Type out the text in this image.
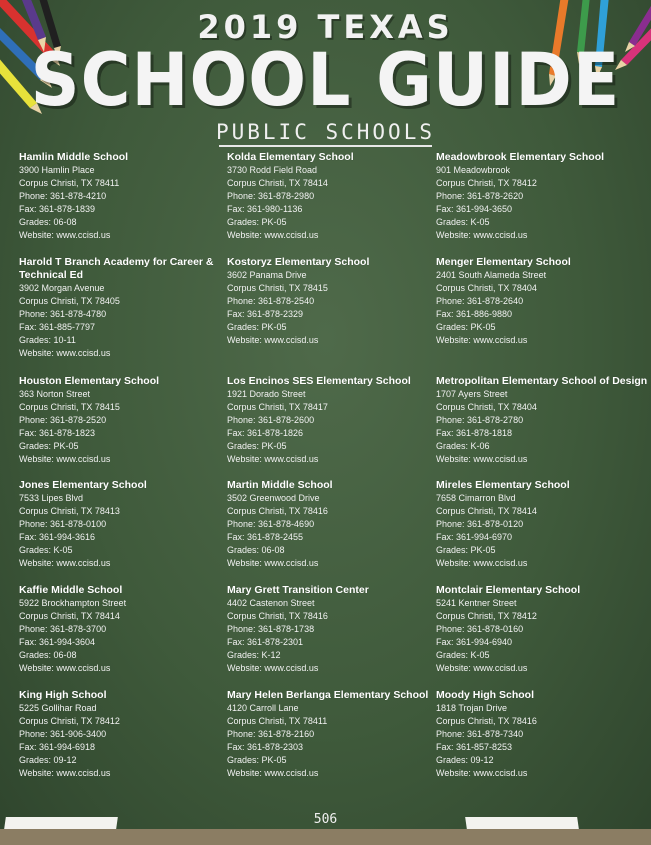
2019 TEXAS
SCHOOL GUIDE
PUBLIC SCHOOLS
Hamlin Middle School
3900 Hamlin Place
Corpus Christi, TX 78411
Phone: 361-878-4210
Fax: 361-878-1839
Grades: 06-08
Website: www.ccisd.us
Harold T Branch Academy for Career & Technical Ed
3902 Morgan Avenue
Corpus Christi, TX 78405
Phone: 361-878-4780
Fax: 361-885-7797
Grades: 10-11
Website: www.ccisd.us
Houston Elementary School
363 Norton Street
Corpus Christi, TX 78415
Phone: 361-878-2520
Fax: 361-878-1823
Grades: PK-05
Website: www.ccisd.us
Jones Elementary School
7533 Lipes Blvd
Corpus Christi, TX 78413
Phone: 361-878-0100
Fax: 361-994-3616
Grades: K-05
Website: www.ccisd.us
Kaffie Middle School
5922 Brockhampton Street
Corpus Christi, TX 78414
Phone: 361-878-3700
Fax: 361-994-3604
Grades: 06-08
Website: www.ccisd.us
King High School
5225 Gollihar Road
Corpus Christi, TX 78412
Phone: 361-906-3400
Fax: 361-994-6918
Grades: 09-12
Website: www.ccisd.us
Kolda Elementary School
3730 Rodd Field Road
Corpus Christi, TX 78414
Phone: 361-878-2980
Fax: 361-980-1136
Grades: PK-05
Website: www.ccisd.us
Kostoryz Elementary School
3602 Panama Drive
Corpus Christi, TX 78415
Phone: 361-878-2540
Fax: 361-878-2329
Grades: PK-05
Website: www.ccisd.us
Los Encinos SES Elementary School
1921 Dorado Street
Corpus Christi, TX 78417
Phone: 361-878-2600
Fax: 361-878-1826
Grades: PK-05
Website: www.ccisd.us
Martin Middle School
3502 Greenwood Drive
Corpus Christi, TX 78416
Phone: 361-878-4690
Fax: 361-878-2455
Grades: 06-08
Website: www.ccisd.us
Mary Grett Transition Center
4402 Castenon Street
Corpus Christi, TX 78416
Phone: 361-878-1738
Fax: 361-878-2301
Grades: K-12
Website: www.ccisd.us
Mary Helen Berlanga Elementary School
4120 Carroll Lane
Corpus Christi, TX 78411
Phone: 361-878-2160
Fax: 361-878-2303
Grades: PK-05
Website: www.ccisd.us
Meadowbrook Elementary School
901 Meadowbrook
Corpus Christi, TX 78412
Phone: 361-878-2620
Fax: 361-994-3650
Grades: K-05
Website: www.ccisd.us
Menger Elementary School
2401 South Alameda Street
Corpus Christi, TX 78404
Phone: 361-878-2640
Fax: 361-886-9880
Grades: PK-05
Website: www.ccisd.us
Metropolitan Elementary School of Design
1707 Ayers Street
Corpus Christi, TX 78404
Phone: 361-878-2780
Fax: 361-878-1818
Grades: K-06
Website: www.ccisd.us
Mireles Elementary School
7658 Cimarron Blvd
Corpus Christi, TX 78414
Phone: 361-878-0120
Fax: 361-994-6970
Grades: PK-05
Website: www.ccisd.us
Montclair Elementary School
5241 Kentner Street
Corpus Christi, TX 78412
Phone: 361-878-0160
Fax: 361-994-6940
Grades: K-05
Website: www.ccisd.us
Moody High School
1818 Trojan Drive
Corpus Christi, TX 78416
Phone: 361-878-7340
Fax: 361-857-8253
Grades: 09-12
Website: www.ccisd.us
506
